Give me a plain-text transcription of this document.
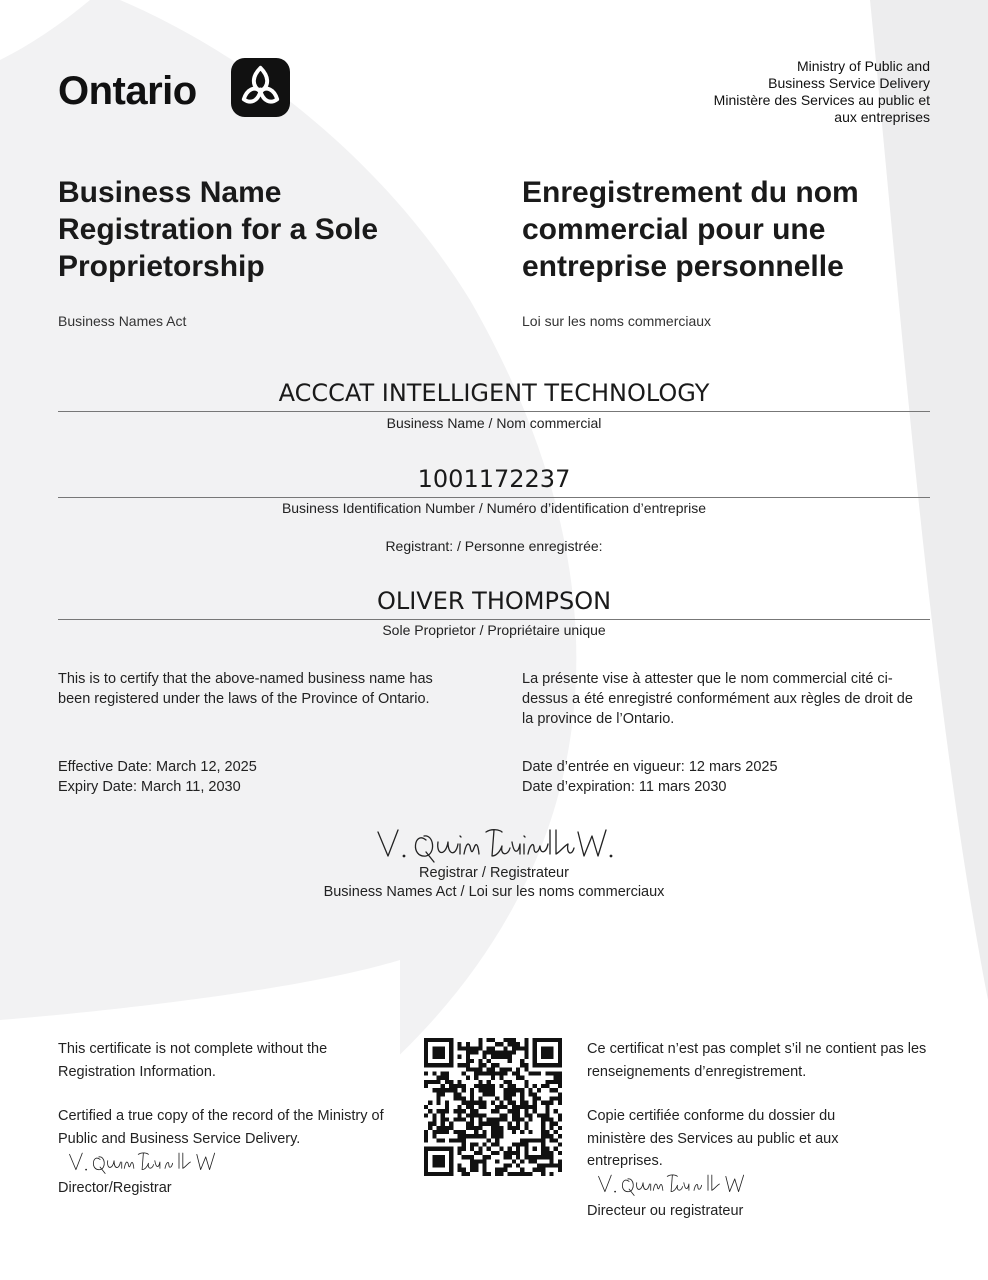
Ontario
Ministry of Public and
Business Service Delivery
Ministère des Services au public et
aux entreprises
Business Name Registration for a Sole Proprietorship
Enregistrement du nom commercial pour une entreprise personnelle
Business Names Act	Loi sur les noms commerciaux
ACCCAT INTELLIGENT TECHNOLOGY
Business Name / Nom commercial
1001172237
Business Identification Number / Numéro d’identification d’entreprise
Registrant: / Personne enregistrée:
OLIVER THOMPSON
Sole Proprietor / Propriétaire unique
This is to certify that the above-named business name has been registered under the laws of the Province of Ontario.
La présente vise à attester que le nom commercial cité ci-dessus a été enregistré conformément aux règles de droit de la province de l’Ontario.
Effective Date: March 12, 2025
Expiry Date: March 11, 2030
Date d’entrée en vigueur: 12 mars 2025
Date d’expiration: 11 mars 2030
Registrar / Registrateur
Business Names Act / Loi sur les noms commerciaux
This certificate is not complete without the Registration Information.
Certified a true copy of the record of the Ministry of Public and Business Service Delivery.
Director/Registrar
Ce certificat n’est pas complet s’il ne contient pas les renseignements d’enregistrement.
Copie certifiée conforme du dossier du ministère des Services au public et aux entreprises.
Directeur ou registrateur
